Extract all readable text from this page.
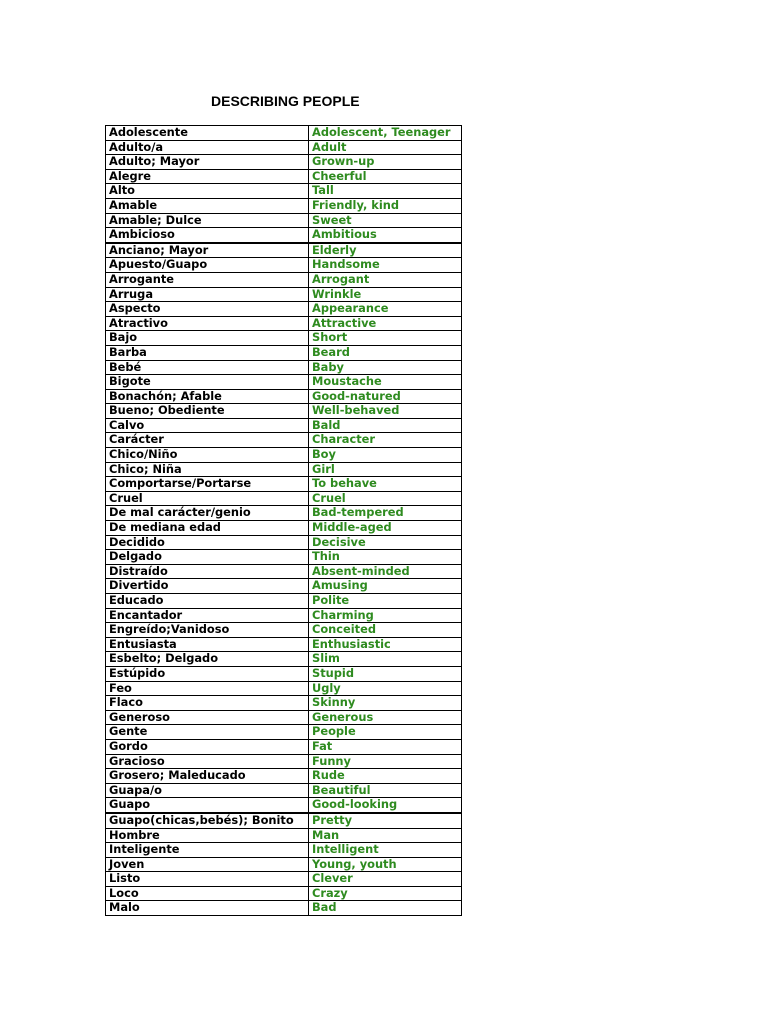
DESCRIBING PEOPLE
Adolescente	Adolescent, Teenager
Adulto/a	Adult
Adulto; Mayor	Grown-up
Alegre	Cheerful
Alto	Tall
Amable	Friendly, kind
Amable; Dulce	Sweet
Ambicioso	Ambitious
Anciano; Mayor	Elderly
Apuesto/Guapo	Handsome
Arrogante	Arrogant
Arruga	Wrinkle
Aspecto	Appearance
Atractivo	Attractive
Bajo	Short
Barba	Beard
Bebé	Baby
Bigote	Moustache
Bonachón; Afable	Good-natured
Bueno; Obediente	Well-behaved
Calvo	Bald
Carácter	Character
Chico/Niño	Boy
Chico; Niña	Girl
Comportarse/Portarse	To behave
Cruel	Cruel
De mal carácter/genio	Bad-tempered
De mediana edad	Middle-aged
Decidido	Decisive
Delgado	Thin
Distraído	Absent-minded
Divertido	Amusing
Educado	Polite
Encantador	Charming
Engreído;Vanidoso	Conceited
Entusiasta	Enthusiastic
Esbelto; Delgado	Slim
Estúpido	Stupid
Feo	Ugly
Flaco	Skinny
Generoso	Generous
Gente	People
Gordo	Fat
Gracioso	Funny
Grosero; Maleducado	Rude
Guapa/o	Beautiful
Guapo	Good-looking
Guapo(chicas,bebés); Bonito	Pretty
Hombre	Man
Inteligente	Intelligent
Joven	Young, youth
Listo	Clever
Loco	Crazy
Malo	Bad
